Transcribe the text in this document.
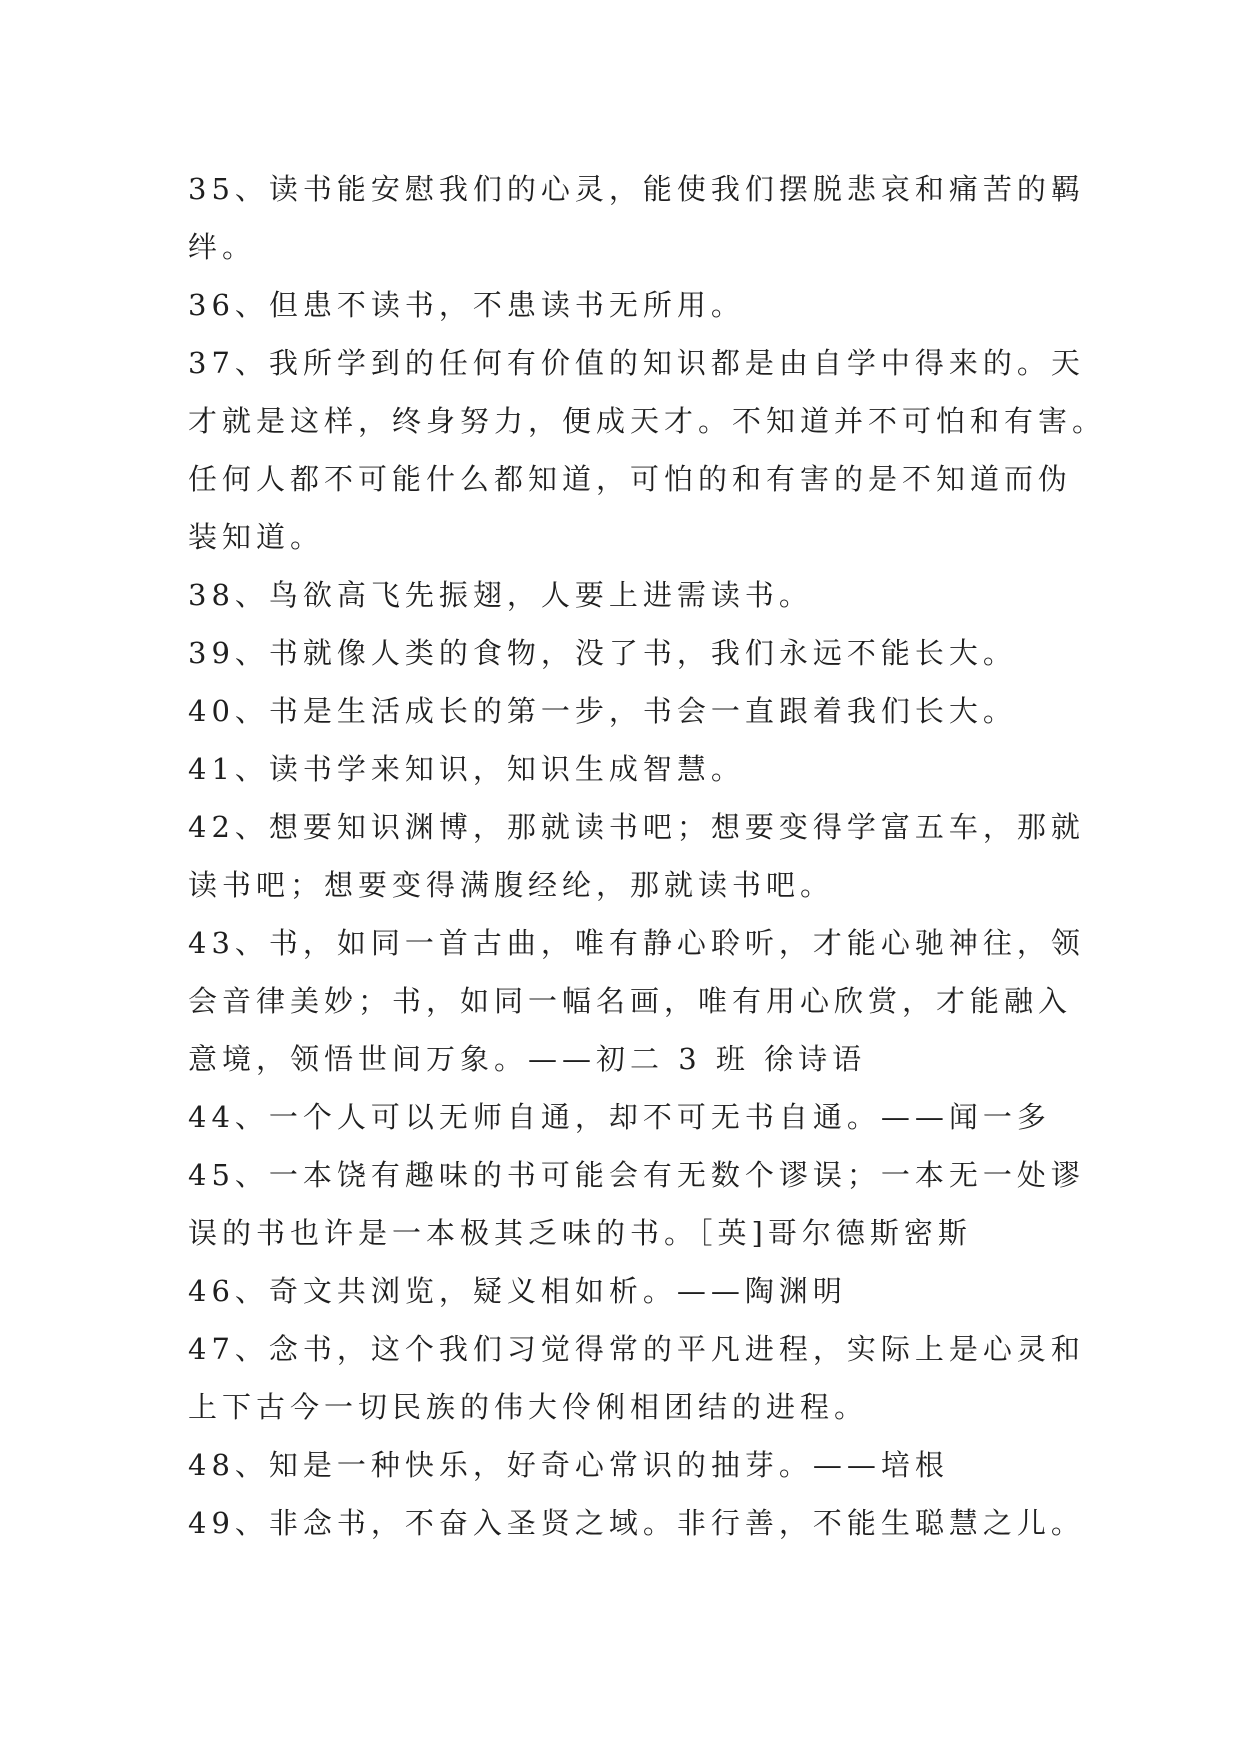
35、读书能安慰我们的心灵，能使我们摆脱悲哀和痛苦的羁
绊。
36、但患不读书，不患读书无所用。
37、我所学到的任何有价值的知识都是由自学中得来的。天
才就是这样，终身努力，便成天才。不知道并不可怕和有害。
任何人都不可能什么都知道，可怕的和有害的是不知道而伪
装知道。
38、鸟欲高飞先振翅，人要上进需读书。
39、书就像人类的食物，没了书，我们永远不能长大。
40、书是生活成长的第一步，书会一直跟着我们长大。
41、读书学来知识，知识生成智慧。
42、想要知识渊博，那就读书吧；想要变得学富五车，那就
读书吧；想要变得满腹经纶，那就读书吧。
43、书，如同一首古曲，唯有静心聆听，才能心驰神往，领
会音律美妙；书，如同一幅名画，唯有用心欣赏，才能融入
意境，领悟世间万象。——初二 3 班 徐诗语
44、一个人可以无师自通，却不可无书自通。——闻一多
45、一本饶有趣味的书可能会有无数个谬误；一本无一处谬
误的书也许是一本极其乏味的书。［英]哥尔德斯密斯
46、奇文共浏览，疑义相如析。——陶渊明
47、念书，这个我们习觉得常的平凡进程，实际上是心灵和
上下古今一切民族的伟大伶俐相团结的进程。
48、知是一种快乐，好奇心常识的抽芽。——培根
49、非念书，不奋入圣贤之域。非行善，不能生聪慧之儿。
